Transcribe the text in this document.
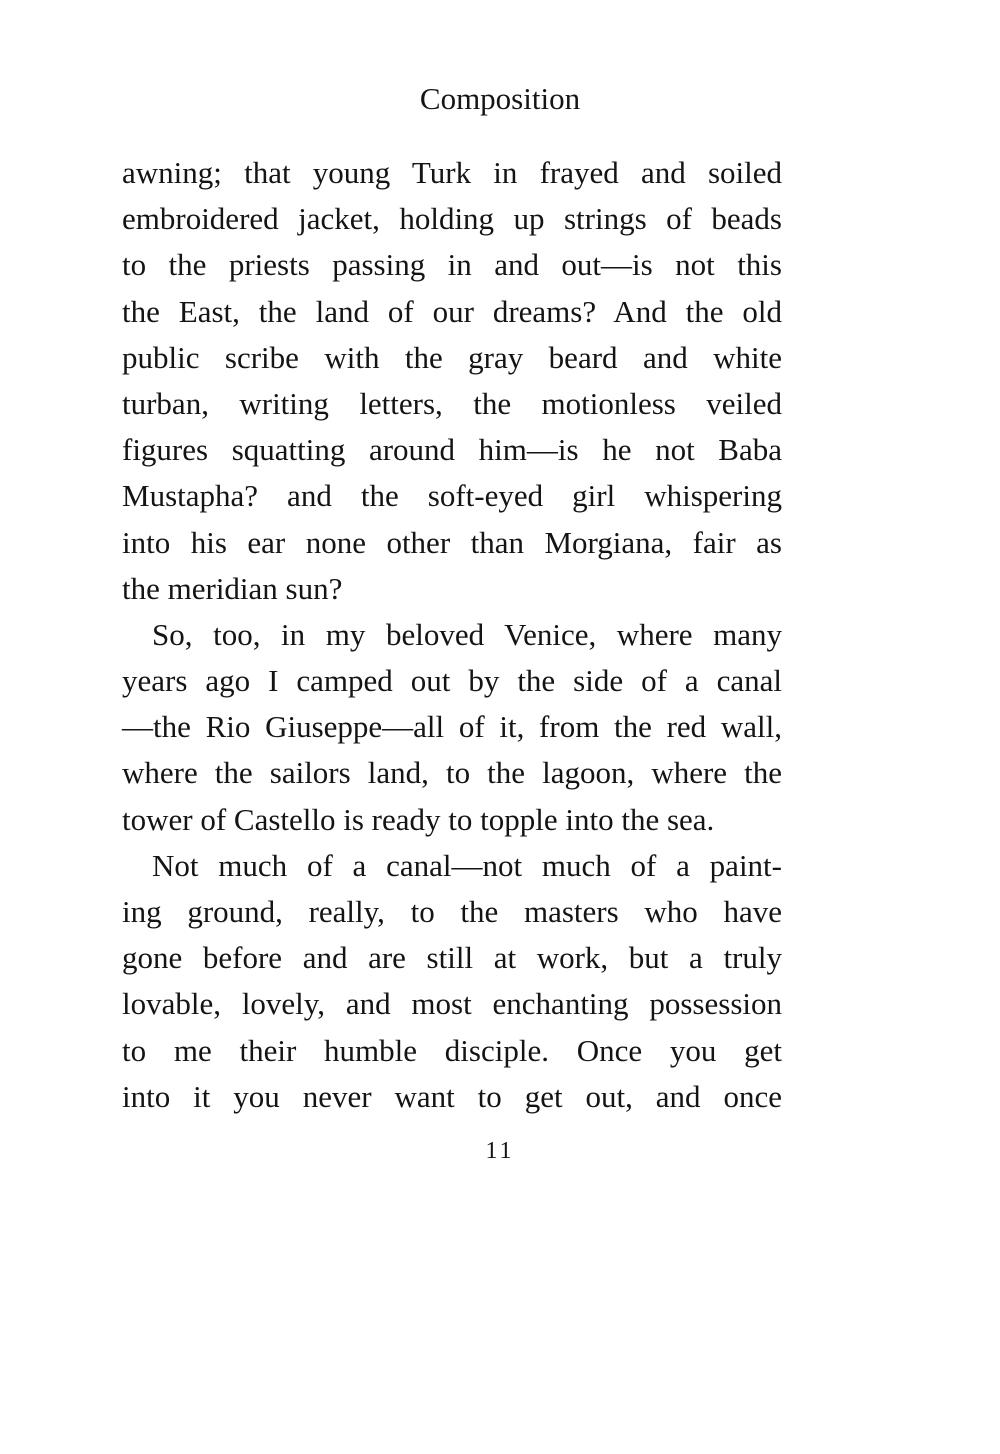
Composition
awning; that young Turk in frayed and soiled
embroidered jacket, holding up strings of beads
to the priests passing in and out—is not this
the East, the land of our dreams? And the old
public scribe with the gray beard and white
turban, writing letters, the motionless veiled
figures squatting around him—is he not Baba
Mustapha? and the soft-eyed girl whispering
into his ear none other than Morgiana, fair as
the meridian sun?
So, too, in my beloved Venice, where many
years ago I camped out by the side of a canal
—the Rio Giuseppe—all of it, from the red wall,
where the sailors land, to the lagoon, where the
tower of Castello is ready to topple into the sea.
Not much of a canal—not much of a paint-
ing ground, really, to the masters who have
gone before and are still at work, but a truly
lovable, lovely, and most enchanting possession
to me their humble disciple. Once you get
into it you never want to get out, and once
11
